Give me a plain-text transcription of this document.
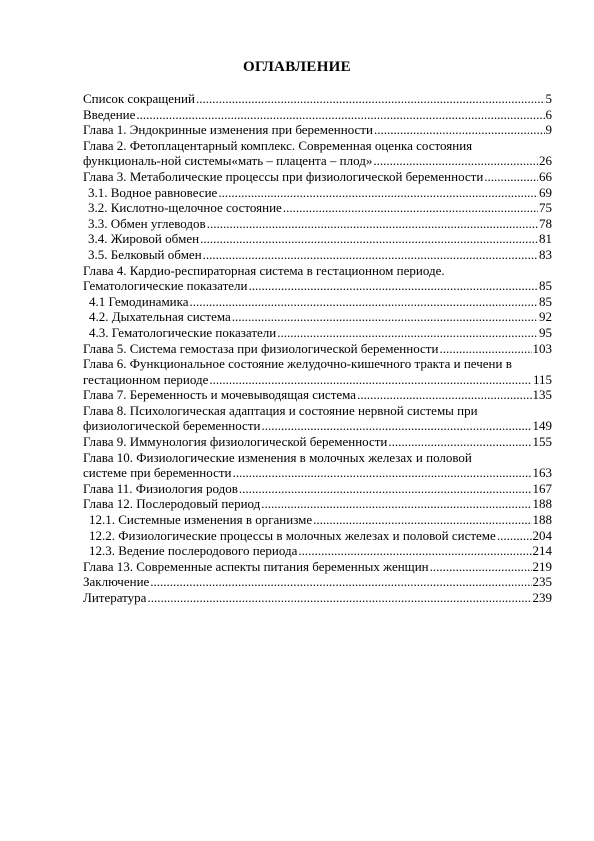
ОГЛАВЛЕНИЕ
Список сокращений .....	5
Введение .....	6
Глава 1. Эндокринные изменения при беременности .....	9
Глава 2. Фетоплацентарный комплекс. Современная оценка состояния
функциональ-ной системы«мать – плацента – плод» .....	26
Глава 3. Метаболические процессы при физиологической беременности .....	66
3.1. Водное равновесие .....	69
3.2. Кислотно-щелочное состояние .....	75
3.3. Обмен углеводов .....	78
3.4. Жировой обмен .....	81
3.5. Белковый обмен .....	83
Глава 4. Кардио-респираторная система в гестационном периоде.
Гематологические показатели .....	85
4.1 Гемодинамика .....	85
4.2. Дыхательная система .....	92
4.3. Гематологические показатели .....	95
Глава 5. Система гемостаза при физиологической беременности .....	103
Глава 6. Функциональное состояние желудочно-кишечного тракта и печени в
гестационном периоде .....	115
Глава 7. Беременность и мочевыводящая система .....	135
Глава 8. Психологическая адаптация и состояние нервной системы при
физиологической беременности .....	149
Глава 9. Иммунология физиологической беременности .....	155
Глава 10. Физиологические изменения в молочных железах и половой
системе при беременности .....	163
Глава 11. Физиология родов .....	167
Глава 12. Послеродовый период .....	188
12.1. Системные изменения в организме .....	188
12.2. Физиологические процессы в молочных железах и половой системе .....	204
12.3. Ведение послеродового периода .....	214
Глава 13. Современные аспекты питания беременных женщин .....	219
Заключение .....	235
Литература .....	239
